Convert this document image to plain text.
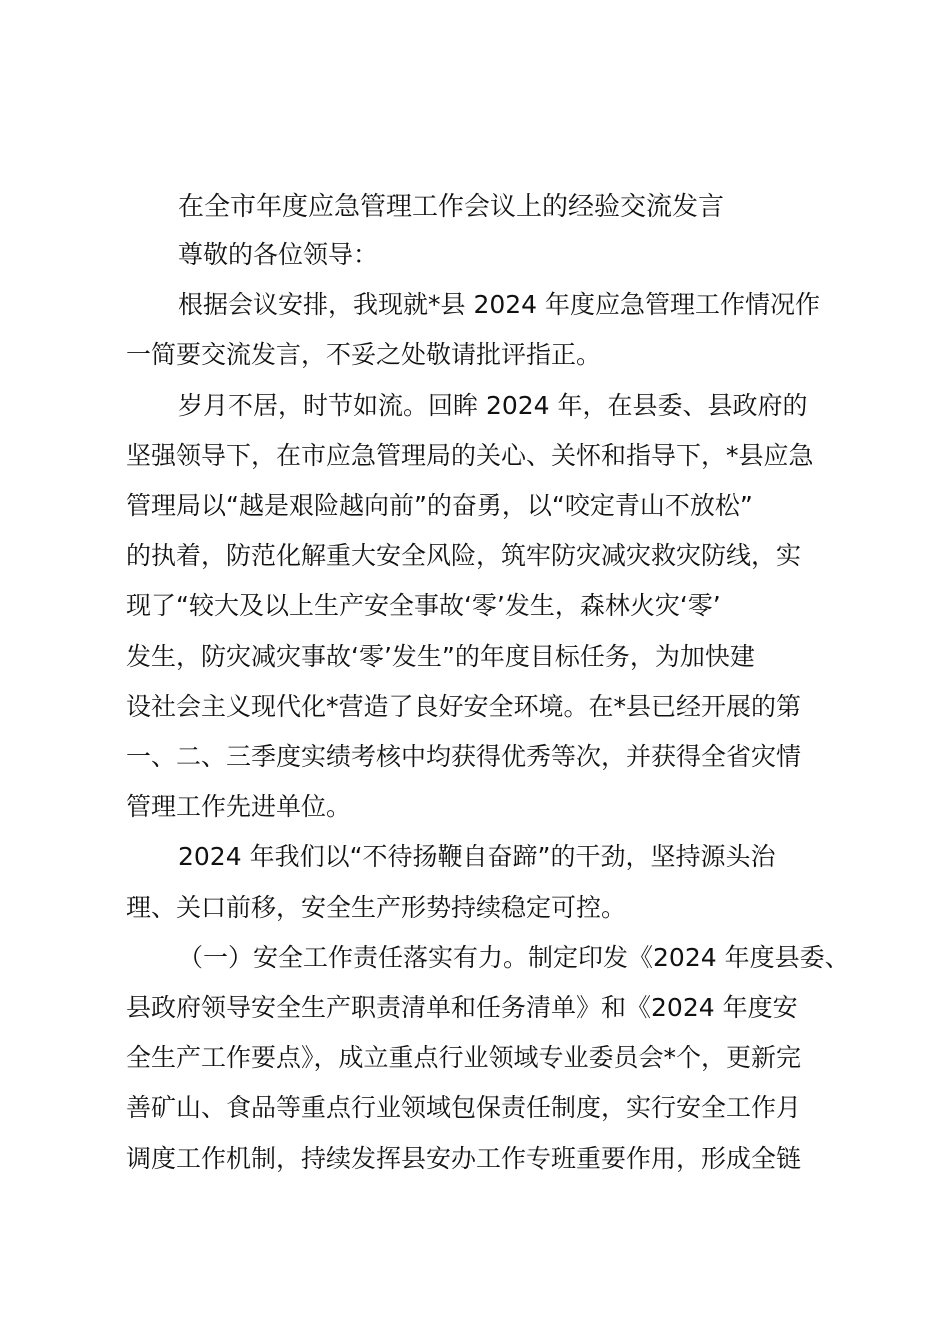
在全市年度应急管理工作会议上的经验交流发言

尊敬的各位领导：

根据会议安排，我现就*县 2024 年度应急管理工作情况作
一简要交流发言，不妥之处敬请批评指正。

岁月不居，时节如流。回眸 2024 年，在县委、县政府的
坚强领导下，在市应急管理局的关心、关怀和指导下，*县应急
管理局以“越是艰险越向前”的奋勇，以“咬定青山不放松”
的执着，防范化解重大安全风险，筑牢防灾减灾救灾防线，实
现了“较大及以上生产安全事故‘零’发生，森林火灾‘零’
发生，防灾减灾事故‘零’发生”的年度目标任务，为加快建
设社会主义现代化*营造了良好安全环境。在*县已经开展的第
一、二、三季度实绩考核中均获得优秀等次，并获得全省灾情
管理工作先进单位。

2024 年我们以“不待扬鞭自奋蹄”的干劲，坚持源头治
理、关口前移，安全生产形势持续稳定可控。

（一）安全工作责任落实有力。制定印发《2024 年度县委、
县政府领导安全生产职责清单和任务清单》和《2024 年度安
全生产工作要点》，成立重点行业领域专业委员会*个，更新完
善矿山、食品等重点行业领域包保责任制度，实行安全工作月
调度工作机制，持续发挥县安办工作专班重要作用，形成全链
